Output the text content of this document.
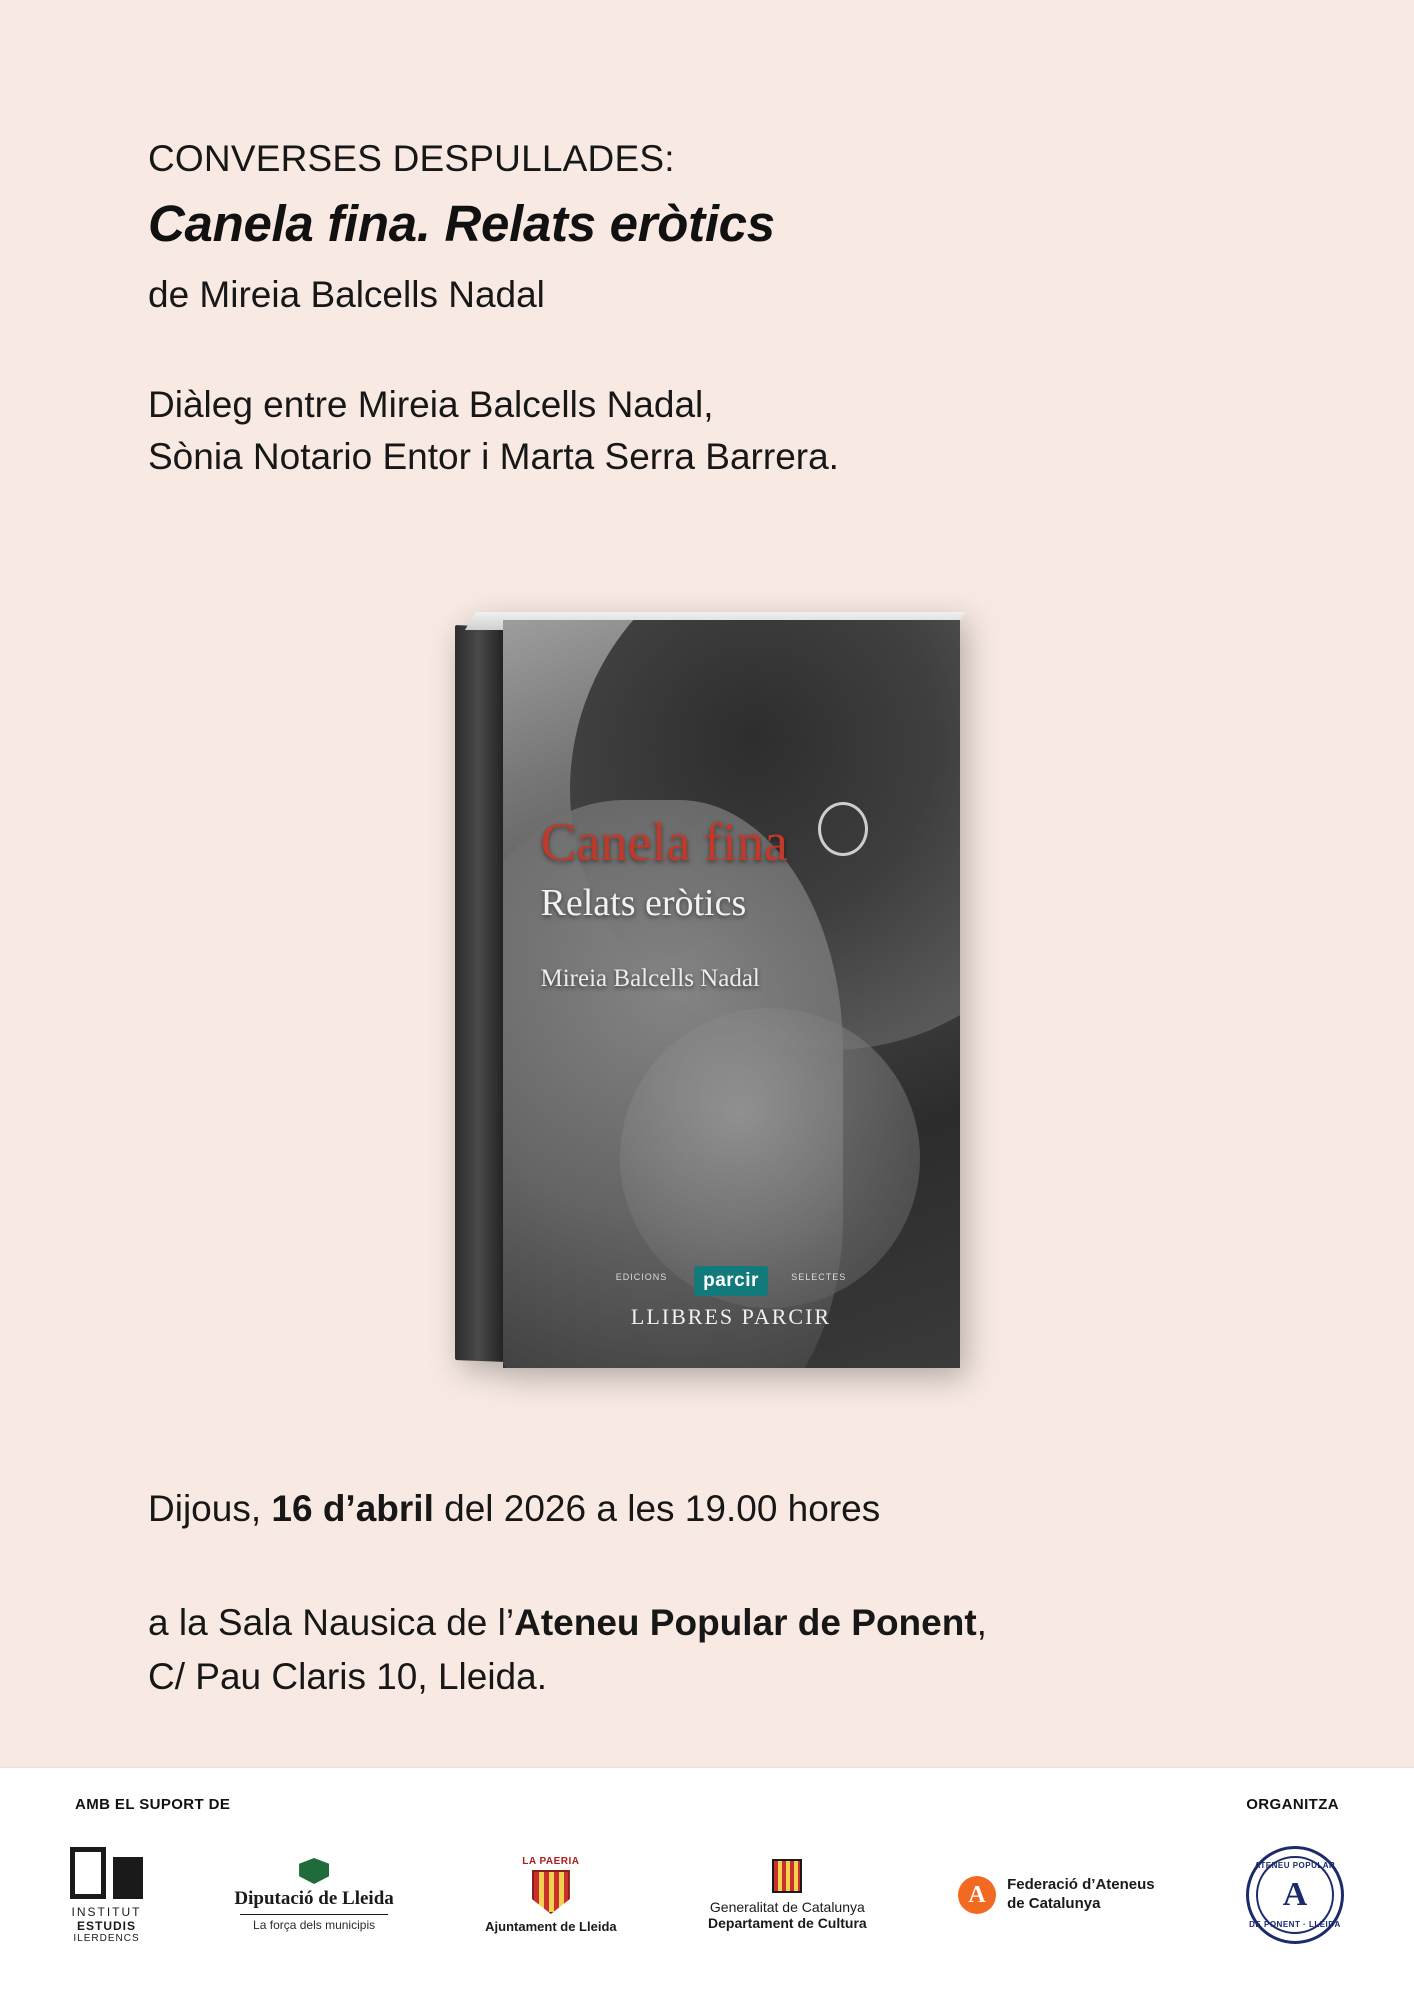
CONVERSES DESPULLADES:
Canela fina. Relats eròtics
de Mireia Balcells Nadal
Diàleg entre Mireia Balcells Nadal,
Sònia Notario Entor i Marta Serra Barrera.
Canela fina
Relats eròtics
Mireia Balcells Nadal
EDICIONS	SELECTES
parcir
LLIBRES PARCIR
Dijous, 16 d’abril del 2026 a les 19.00 hores
a la Sala Nausica de l’Ateneu Popular de Ponent,
C/ Pau Claris 10, Lleida.
AMB EL SUPORT DE	ORGANITZA
INSTITUT
ESTUDIS
ILERDENCS
Diputació de Lleida
La força dels municipis
LA PAERIA
Ajuntament de Lleida
Generalitat de Catalunya
Departament de Cultura
A	Federació d’Ateneus
de Catalunya
ATENEU POPULAR
A
DE PONENT · LLEIDA
